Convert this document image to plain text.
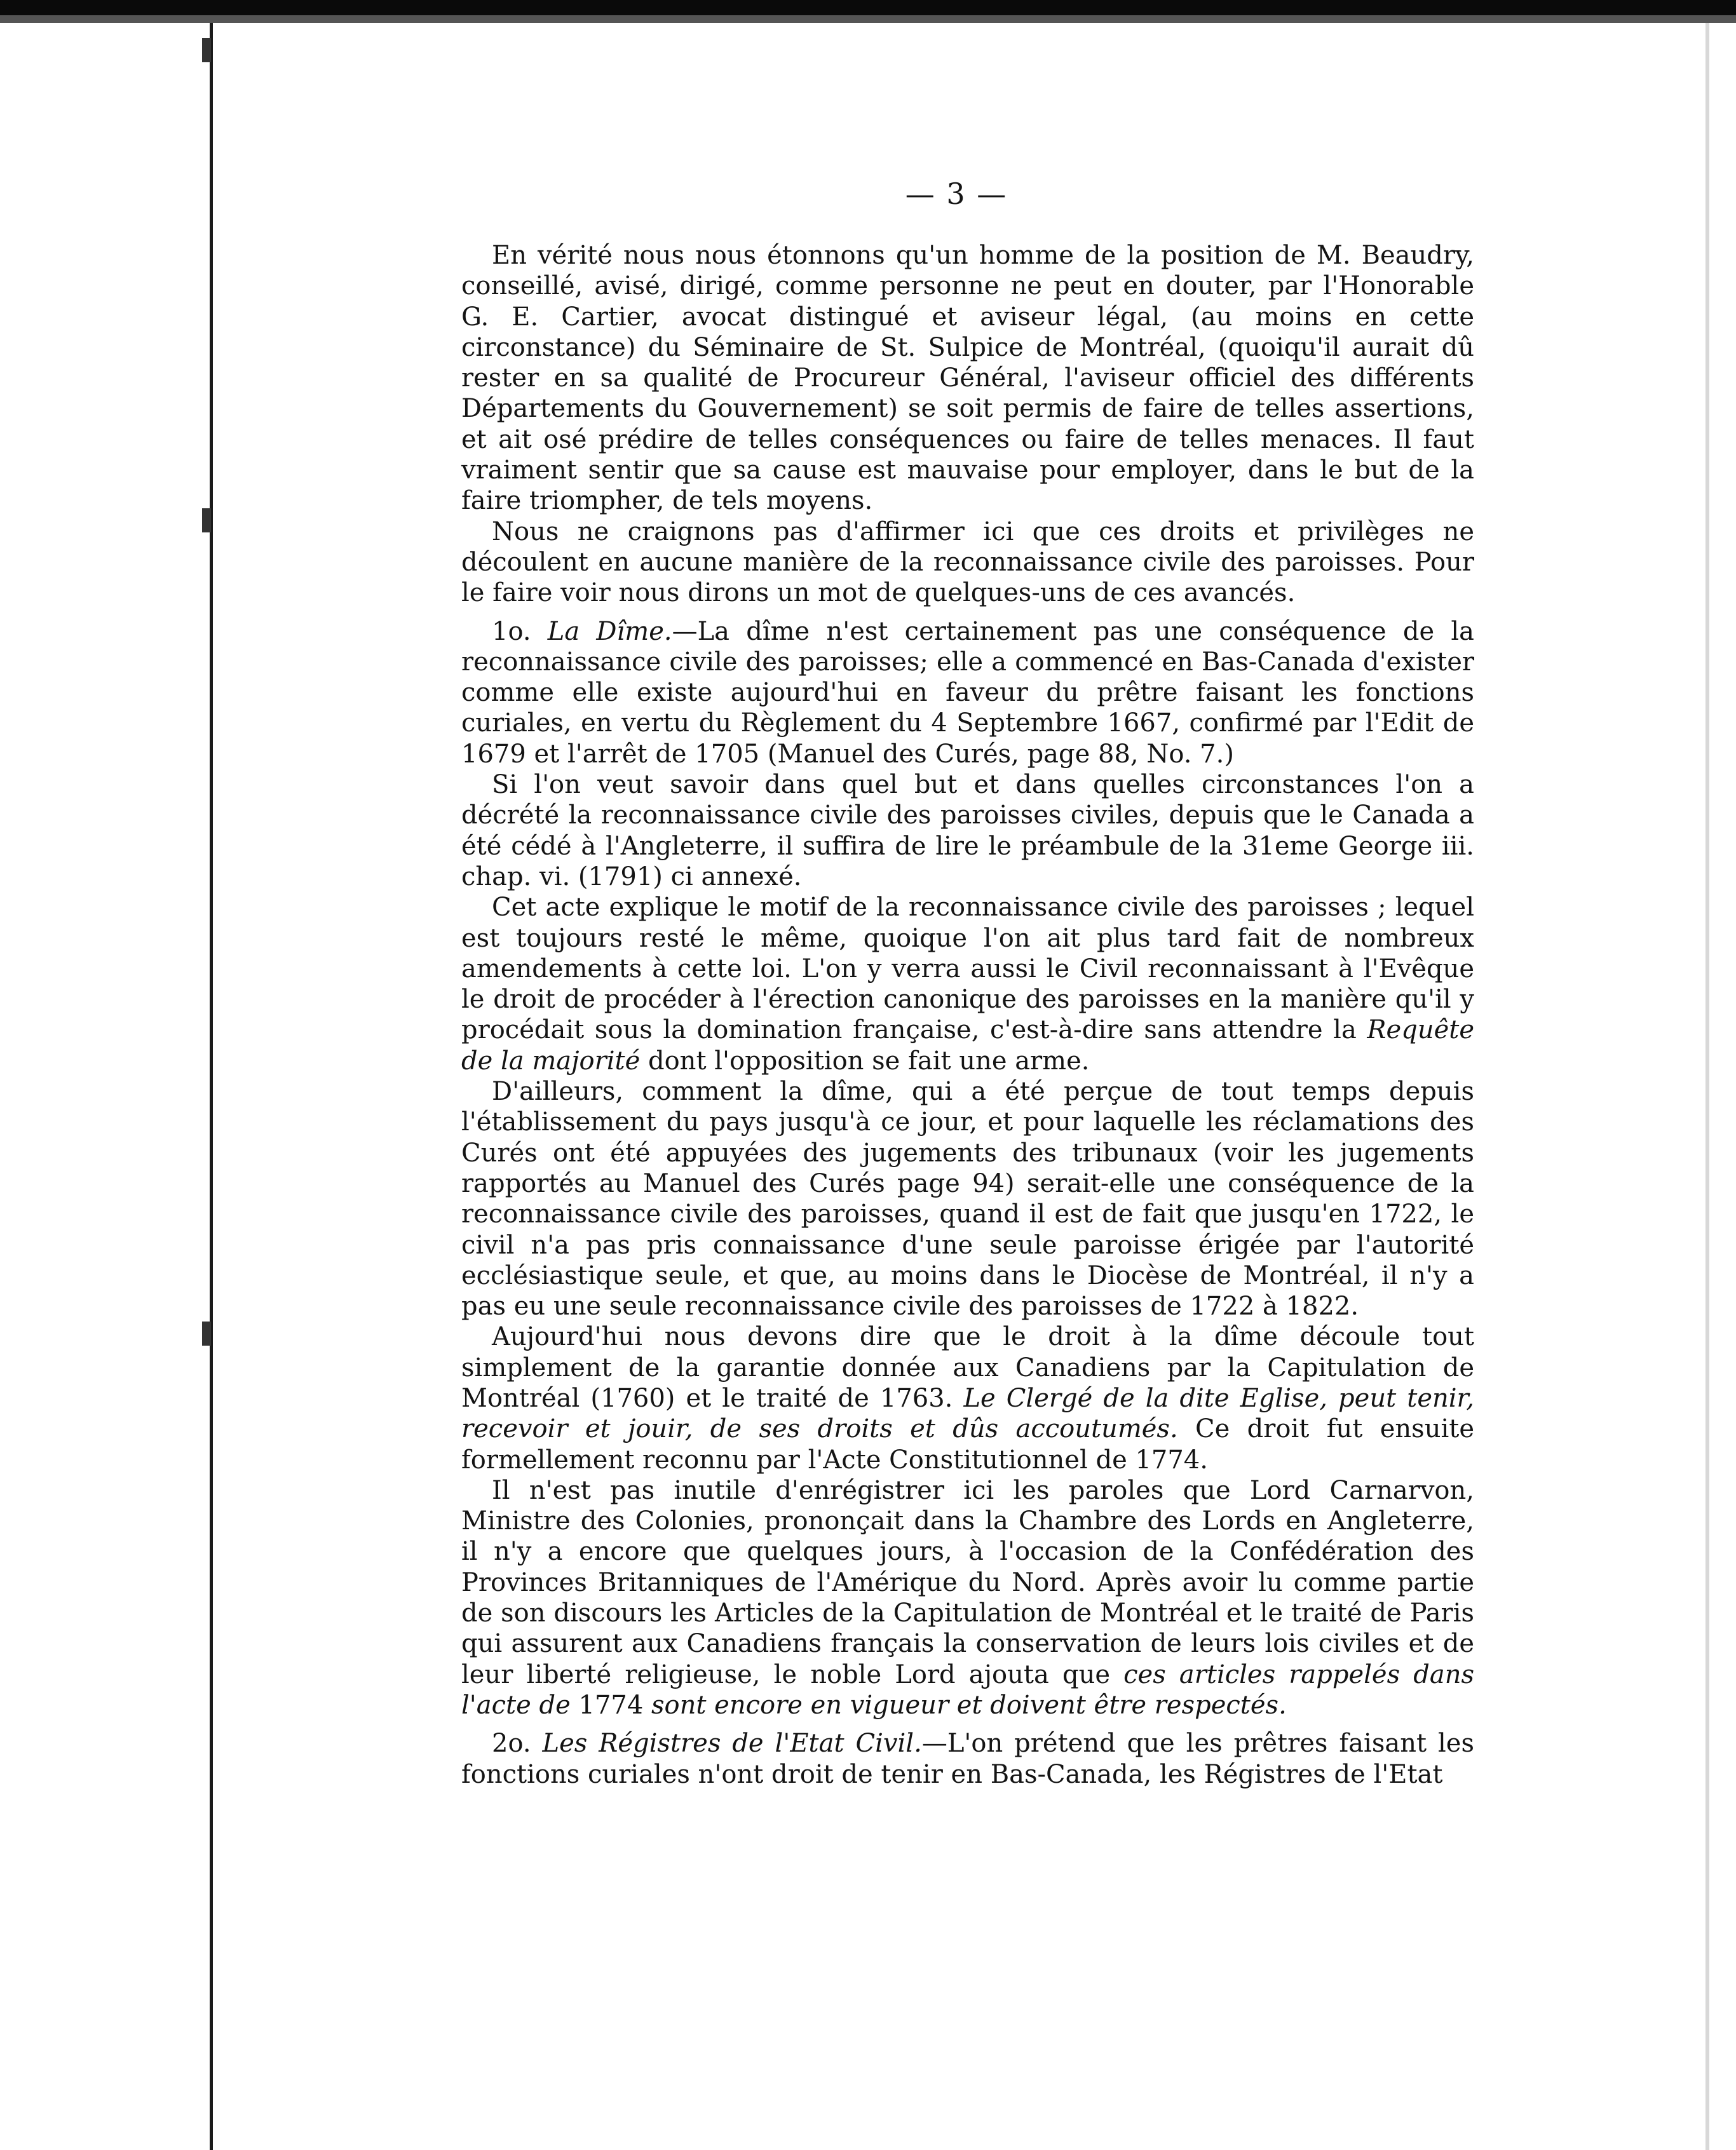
— 3 —

En vérité nous nous étonnons qu'un homme de la position de M. Beaudry, conseillé, avisé, dirigé, comme personne ne peut en douter, par l'Honorable G. E. Cartier, avocat distingué et aviseur légal, (au moins en cette circonstance) du Séminaire de St. Sulpice de Montréal, (quoiqu'il aurait dû rester en sa qualité de Procureur Général, l'aviseur officiel des différents Départements du Gouvernement) se soit permis de faire de telles assertions, et ait osé prédire de telles conséquences ou faire de telles menaces. Il faut vraiment sentir que sa cause est mauvaise pour employer, dans le but de la faire triompher, de tels moyens.

Nous ne craignons pas d'affirmer ici que ces droits et privilèges ne découlent en aucune manière de la reconnaissance civile des paroisses. Pour le faire voir nous dirons un mot de quelques-uns de ces avancés.

1o. La Dîme.—La dîme n'est certainement pas une conséquence de la reconnaissance civile des paroisses; elle a commencé en Bas-Canada d'exister comme elle existe aujourd'hui en faveur du prêtre faisant les fonctions curiales, en vertu du Règlement du 4 Septembre 1667, confirmé par l'Edit de 1679 et l'arrêt de 1705 (Manuel des Curés, page 88, No. 7.)

Si l'on veut savoir dans quel but et dans quelles circonstances l'on a décrété la reconnaissance civile des paroisses civiles, depuis que le Canada a été cédé à l'Angleterre, il suffira de lire le préambule de la 31eme George iii. chap. vi. (1791) ci annexé.

Cet acte explique le motif de la reconnaissance civile des paroisses ; lequel est toujours resté le même, quoique l'on ait plus tard fait de nombreux amendements à cette loi. L'on y verra aussi le Civil reconnaissant à l'Evêque le droit de procéder à l'érection canonique des paroisses en la manière qu'il y procédait sous la domination française, c'est-à-dire sans attendre la Requête de la majorité dont l'opposition se fait une arme.

D'ailleurs, comment la dîme, qui a été perçue de tout temps depuis l'établissement du pays jusqu'à ce jour, et pour laquelle les réclamations des Curés ont été appuyées des jugements des tribunaux (voir les jugements rapportés au Manuel des Curés page 94) serait-elle une conséquence de la reconnaissance civile des paroisses, quand il est de fait que jusqu'en 1722, le civil n'a pas pris connaissance d'une seule paroisse érigée par l'autorité ecclésiastique seule, et que, au moins dans le Diocèse de Montréal, il n'y a pas eu une seule reconnaissance civile des paroisses de 1722 à 1822.

Aujourd'hui nous devons dire que le droit à la dîme découle tout simplement de la garantie donnée aux Canadiens par la Capitulation de Montréal (1760) et le traité de 1763. Le Clergé de la dite Eglise, peut tenir, recevoir et jouir, de ses droits et dûs accoutumés. Ce droit fut ensuite formellement reconnu par l'Acte Constitutionnel de 1774.

Il n'est pas inutile d'enrégistrer ici les paroles que Lord Carnarvon, Ministre des Colonies, prononçait dans la Chambre des Lords en Angleterre, il n'y a encore que quelques jours, à l'occasion de la Confédération des Provinces Britanniques de l'Amérique du Nord. Après avoir lu comme partie de son discours les Articles de la Capitulation de Montréal et le traité de Paris qui assurent aux Canadiens français la conservation de leurs lois civiles et de leur liberté religieuse, le noble Lord ajouta que ces articles rappelés dans l'acte de 1774 sont encore en vigueur et doivent être respectés.

2o. Les Régistres de l'Etat Civil.—L'on prétend que les prêtres faisant les fonctions curiales n'ont droit de tenir en Bas-Canada, les Régistres de l'Etat
